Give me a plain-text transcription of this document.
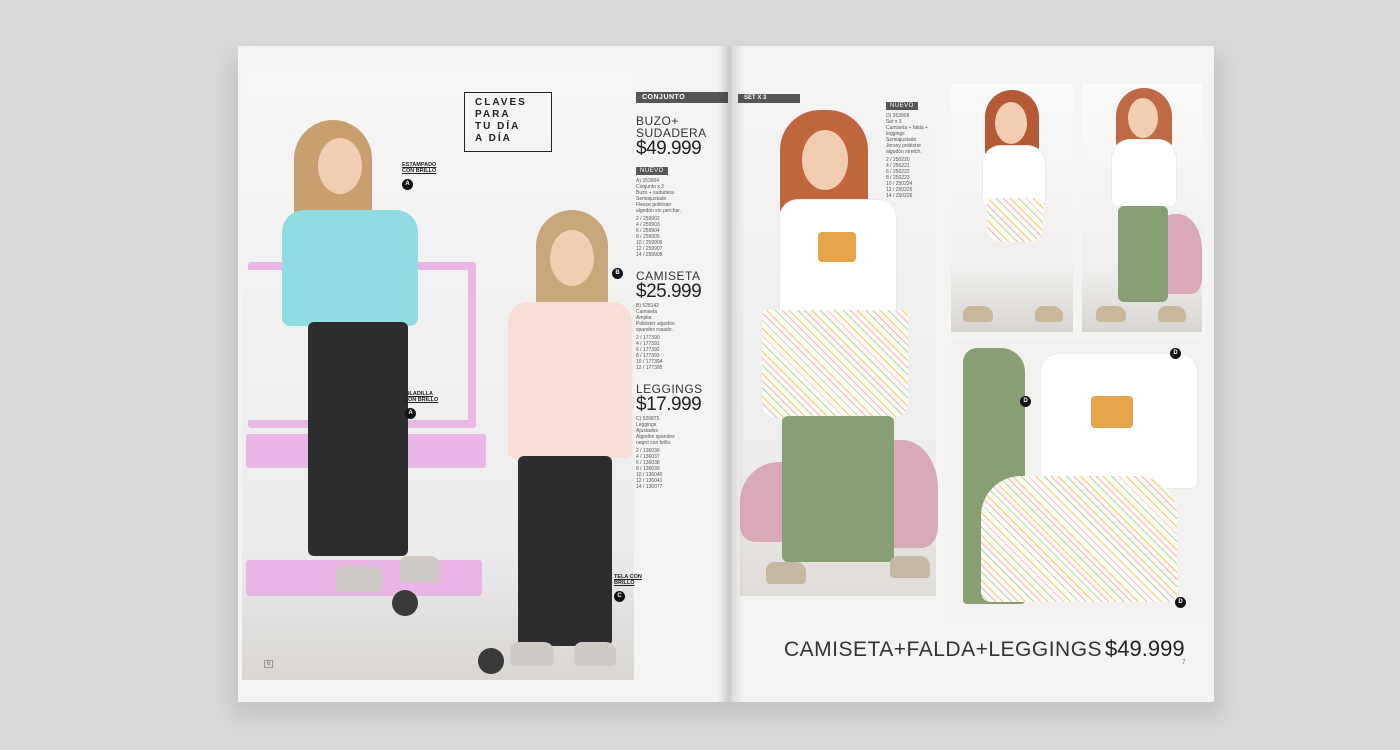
CLAVES
PARA
TU DÍA
A DÍA
ESTAMPADO CON BRILLO
A
HILADILLA CON BRILLO
A
B
TELA CON BRILLO
C
CONJUNTO
BUZO+ SUDADERA
$49.999
NUEVO
A) 353904
Conjunto x 2
Buzo + sudadera
Semiajustado
Fleece poliéster
algodón sin perchar.
2 / 259902
4 / 259903
6 / 259904
8 / 259905
10 / 259906
12 / 259907
14 / 259908
CAMISETA
$25.999
B) 528142
Camiseta
Amplia
Poliéster algodón
spandex rosado.
2 / 177390
4 / 177391
6 / 177392
8 / 177393
10 / 177394
12 / 177395
LEGGINGS
$17.999
C) 526875
Leggings
Ajustados
Algodón spandex
negro con brillo.
2 / 136036
4 / 136037
6 / 136038
8 / 136039
10 / 136040
12 / 136041
14 / 136077
6
SET X 3
NUEVO
D) 353908
Set x 3
Camiseta + falda + leggings
Semiajustado
Jersey poliéster
algodón stretch.
2 / 250220
4 / 250221
6 / 250222
8 / 250223
10 / 250224
12 / 250225
14 / 250226
D
D
D
CAMISETA+FALDA+LEGGINGS $49.999
7
